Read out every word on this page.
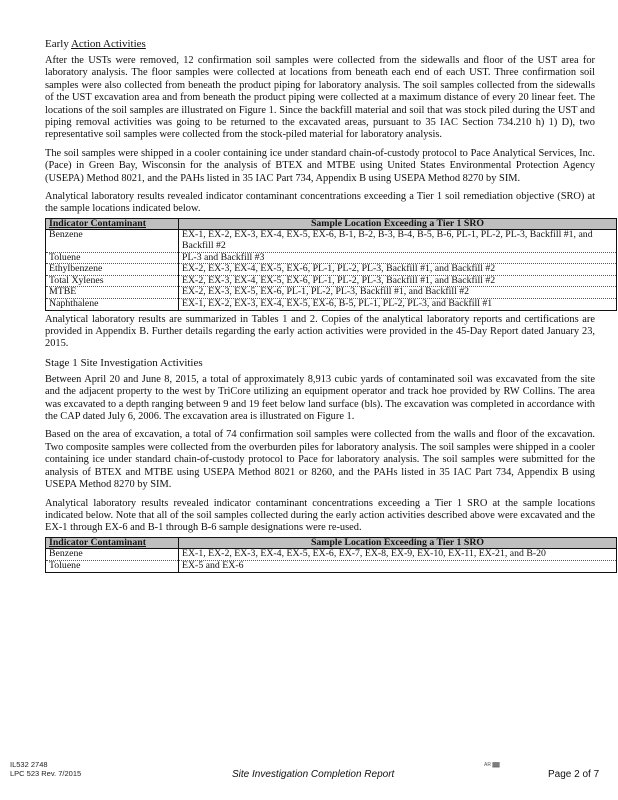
Early Action Activities

After the USTs were removed, 12 confirmation soil samples were collected from the sidewalls and floor of the UST area for laboratory analysis. The floor samples were collected at locations from beneath each end of each UST. Three confirmation soil samples were also collected from beneath the product piping for laboratory analysis. The soil samples collected from the sidewalls of the UST excavation area and from beneath the product piping were collected at a maximum distance of every 20 linear feet. The locations of the soil samples are illustrated on Figure 1. Since the backfill material and soil that was stock piled during the UST and piping removal activities was going to be returned to the excavated areas, pursuant to 35 IAC Section 734.210 h) 1) D), two representative soil samples were collected from the stock-piled material for laboratory analysis.

The soil samples were shipped in a cooler containing ice under standard chain-of-custody protocol to Pace Analytical Services, Inc. (Pace) in Green Bay, Wisconsin for the analysis of BTEX and MTBE using United States Environmental Protection Agency (USEPA) Method 8021, and the PAHs listed in 35 IAC Part 734, Appendix B using USEPA Method 8270 by SIM.

Analytical laboratory results revealed indicator contaminant concentrations exceeding a Tier 1 soil remediation objective (SRO) at the sample locations indicated below.

Indicator Contaminant	Sample Location Exceeding a Tier 1 SRO
Benzene	EX-1, EX-2, EX-3, EX-4, EX-5, EX-6, B-1, B-2, B-3, B-4, B-5, B-6, PL-1, PL-2, PL-3, Backfill #1, and Backfill #2
Toluene	PL-3 and Backfill #3
Ethylbenzene	EX-2, EX-3, EX-4, EX-5, EX-6, PL-1, PL-2, PL-3, Backfill #1, and Backfill #2
Total Xylenes	EX-2, EX-3, EX-4, EX-5, EX-6, PL-1, PL-2, PL-3, Backfill #1, and Backfill #2
MTBE	EX-2, EX-3, EX-5, EX-6, PL-1, PL-2, PL-3, Backfill #1, and Backfill #2
Naphthalene	EX-1, EX-2, EX-3, EX-4, EX-5, EX-6, B-5, PL-1, PL-2, PL-3, and Backfill #1

Analytical laboratory results are summarized in Tables 1 and 2. Copies of the analytical laboratory reports and certifications are provided in Appendix B. Further details regarding the early action activities were provided in the 45-Day Report dated January 23, 2015.

Stage 1 Site Investigation Activities

Between April 20 and June 8, 2015, a total of approximately 8,913 cubic yards of contaminated soil was excavated from the site and the adjacent property to the west by TriCore utilizing an equipment operator and track hoe provided by RW Collins. The area was excavated to a depth ranging between 9 and 19 feet below land surface (bls). The excavation was completed in accordance with the CAP dated July 6, 2006. The excavation area is illustrated on Figure 1.

Based on the area of excavation, a total of 74 confirmation soil samples were collected from the walls and floor of the excavation. Two composite samples were collected from the overburden piles for laboratory analysis. The soil samples were shipped in a cooler containing ice under standard chain-of-custody protocol to Pace for laboratory analysis. The soil samples were submitted for the analysis of BTEX and MTBE using USEPA Method 8021 or 8260, and the PAHs listed in 35 IAC Part 734, Appendix B using USEPA Method 8270 by SIM.

Analytical laboratory results revealed indicator contaminant concentrations exceeding a Tier 1 SRO at the sample locations indicated below. Note that all of the soil samples collected during the early action activities described above were excavated and the EX-1 through EX-6 and B-1 through B-6 sample designations were re-used.

Indicator Contaminant	Sample Location Exceeding a Tier 1 SRO
Benzene	EX-1, EX-2, EX-3, EX-4, EX-5, EX-6, EX-7, EX-8, EX-9, EX-10, EX-11, EX-21, and B-20
Toluene	EX-5 and EX-6
IL532 2748
LPC 523 Rev. 7/2015	Site Investigation Completion Report
AR ▓▓
Page 2 of 7
